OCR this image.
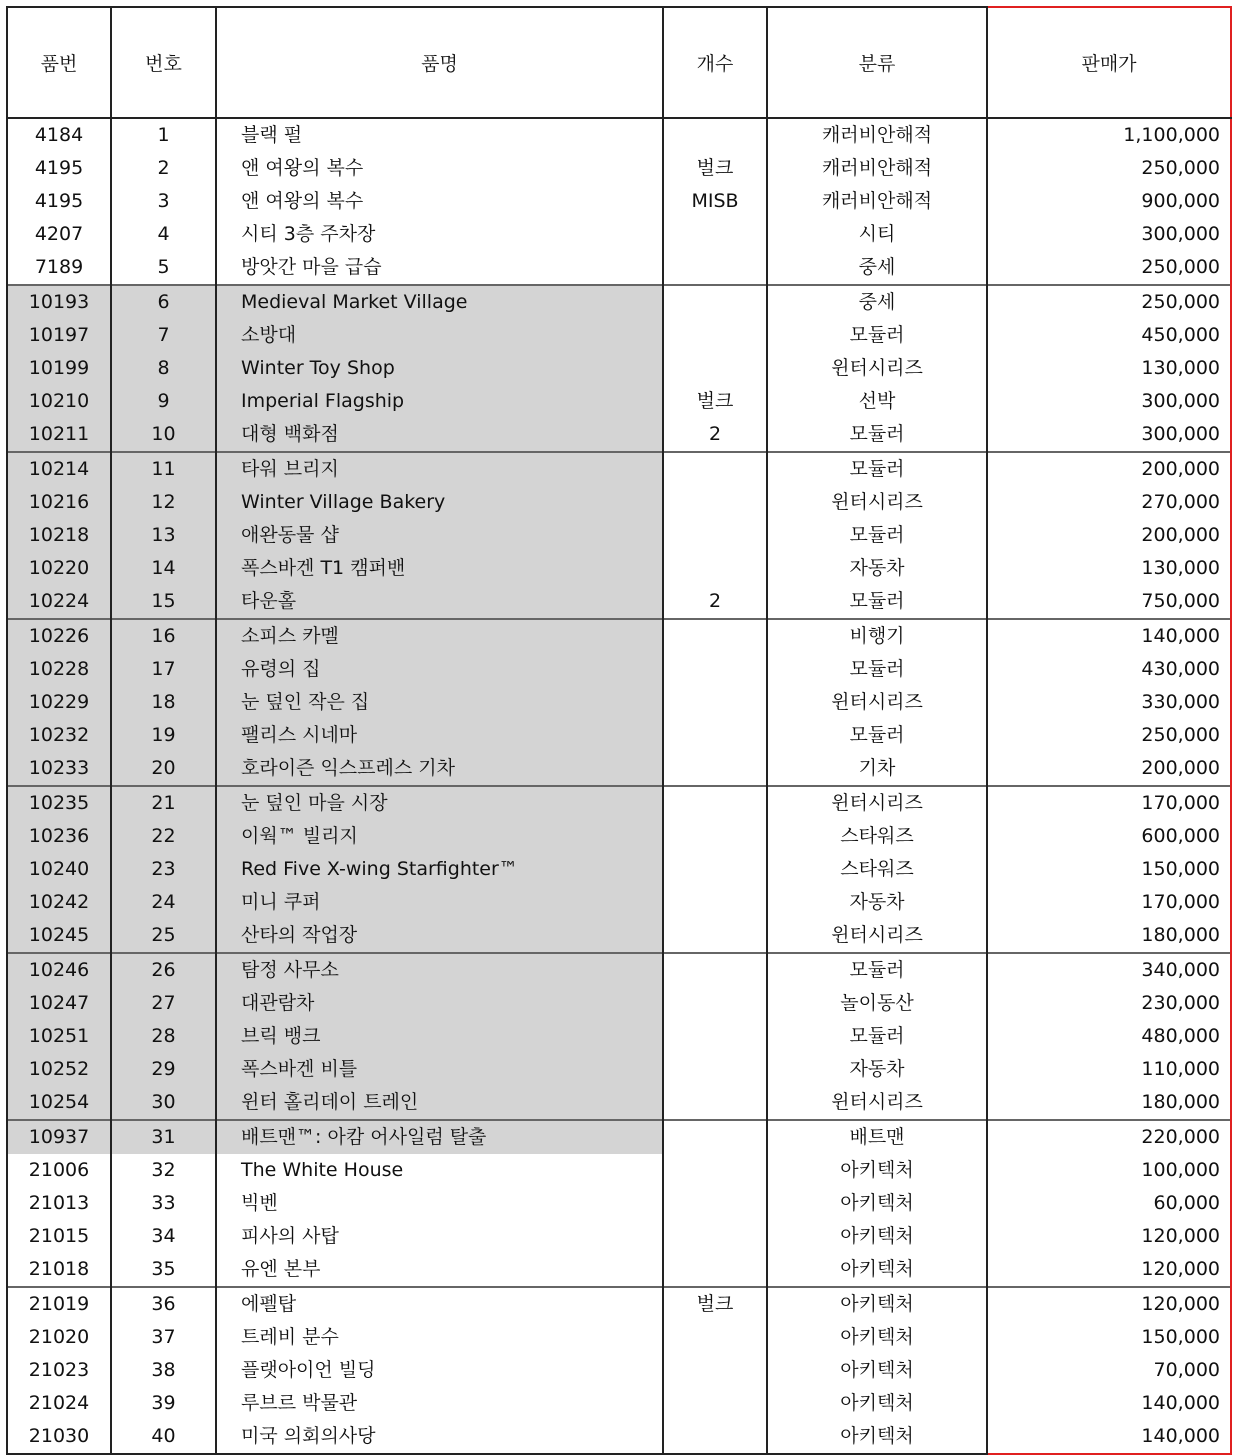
품번	번호	품명	개수	분류	판매가
4184	1	블랙 펄		캐러비안해적	1,100,000
4195	2	앤 여왕의 복수	벌크	캐러비안해적	250,000
4195	3	앤 여왕의 복수	MISB	캐러비안해적	900,000
4207	4	시티 3층 주차장		시티	300,000
7189	5	방앗간 마을 급습		중세	250,000
10193	6	Medieval Market Village		중세	250,000
10197	7	소방대		모듈러	450,000
10199	8	Winter Toy Shop		윈터시리즈	130,000
10210	9	Imperial Flagship	벌크	선박	300,000
10211	10	대형 백화점	2	모듈러	300,000
10214	11	타워 브리지		모듈러	200,000
10216	12	Winter Village Bakery		윈터시리즈	270,000
10218	13	애완동물 샵		모듈러	200,000
10220	14	폭스바겐 T1 캠퍼밴		자동차	130,000
10224	15	타운홀	2	모듈러	750,000
10226	16	소피스 카멜		비행기	140,000
10228	17	유령의 집		모듈러	430,000
10229	18	눈 덮인 작은 집		윈터시리즈	330,000
10232	19	팰리스 시네마		모듈러	250,000
10233	20	호라이즌 익스프레스 기차		기차	200,000
10235	21	눈 덮인 마을 시장		윈터시리즈	170,000
10236	22	이웍™ 빌리지		스타워즈	600,000
10240	23	Red Five X-wing Starfighter™		스타워즈	150,000
10242	24	미니 쿠퍼		자동차	170,000
10245	25	산타의 작업장		윈터시리즈	180,000
10246	26	탐정 사무소		모듈러	340,000
10247	27	대관람차		놀이동산	230,000
10251	28	브릭 뱅크		모듈러	480,000
10252	29	폭스바겐 비틀		자동차	110,000
10254	30	윈터 홀리데이 트레인		윈터시리즈	180,000
10937	31	배트맨™: 아캄 어사일럼 탈출		배트맨	220,000
21006	32	The White House		아키텍처	100,000
21013	33	빅벤		아키텍처	60,000
21015	34	피사의 사탑		아키텍처	120,000
21018	35	유엔 본부		아키텍처	120,000
21019	36	에펠탑	벌크	아키텍처	120,000
21020	37	트레비 분수		아키텍처	150,000
21023	38	플랫아이언 빌딩		아키텍처	70,000
21024	39	루브르 박물관		아키텍처	140,000
21030	40	미국 의회의사당		아키텍처	140,000
